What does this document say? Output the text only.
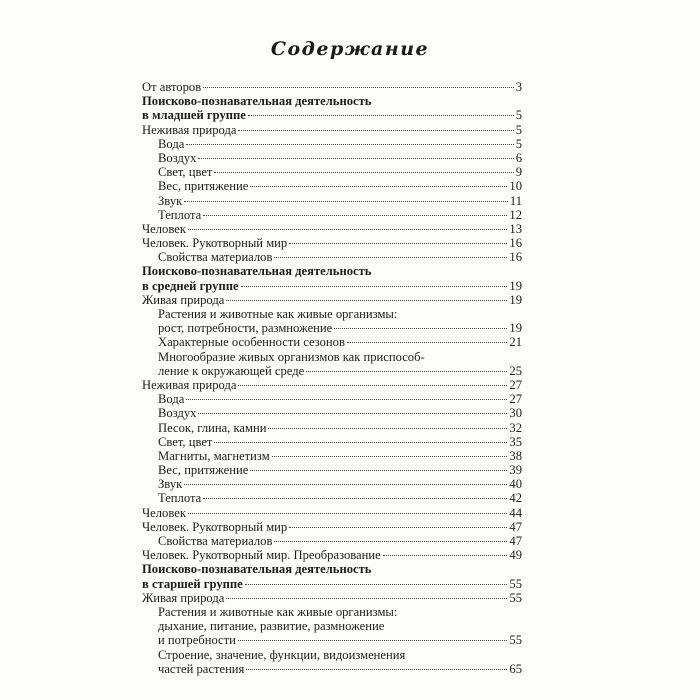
Содержание
От авторов	3
Поисково-познавательная деятельность
в младшей группе	5
Неживая природа	5
Вода	5
Воздух	6
Свет, цвет	9
Вес, притяжение	10
Звук	11
Теплота	12
Человек	13
Человек. Рукотворный мир	16
Свойства материалов	16
Поисково-познавательная деятельность
в средней группе	19
Живая природа	19
Растения и животные как живые организмы:
рост, потребности, размножение	19
Характерные особенности сезонов	21
Многообразие живых организмов как приспособ-
ление к окружающей среде	25
Неживая природа	27
Вода	27
Воздух	30
Песок, глина, камни	32
Свет, цвет	35
Магниты, магнетизм	38
Вес, притяжение	39
Звук	40
Теплота	42
Человек	44
Человек. Рукотворный мир	47
Свойства материалов	47
Человек. Рукотворный мир. Преобразование	49
Поисково-познавательная деятельность
в старшей группе	55
Живая природа	55
Растения и животные как живые организмы:
дыхание, питание, развитие, размножение
и потребности	55
Строение, значение, функции, видоизменения
частей растения	65
